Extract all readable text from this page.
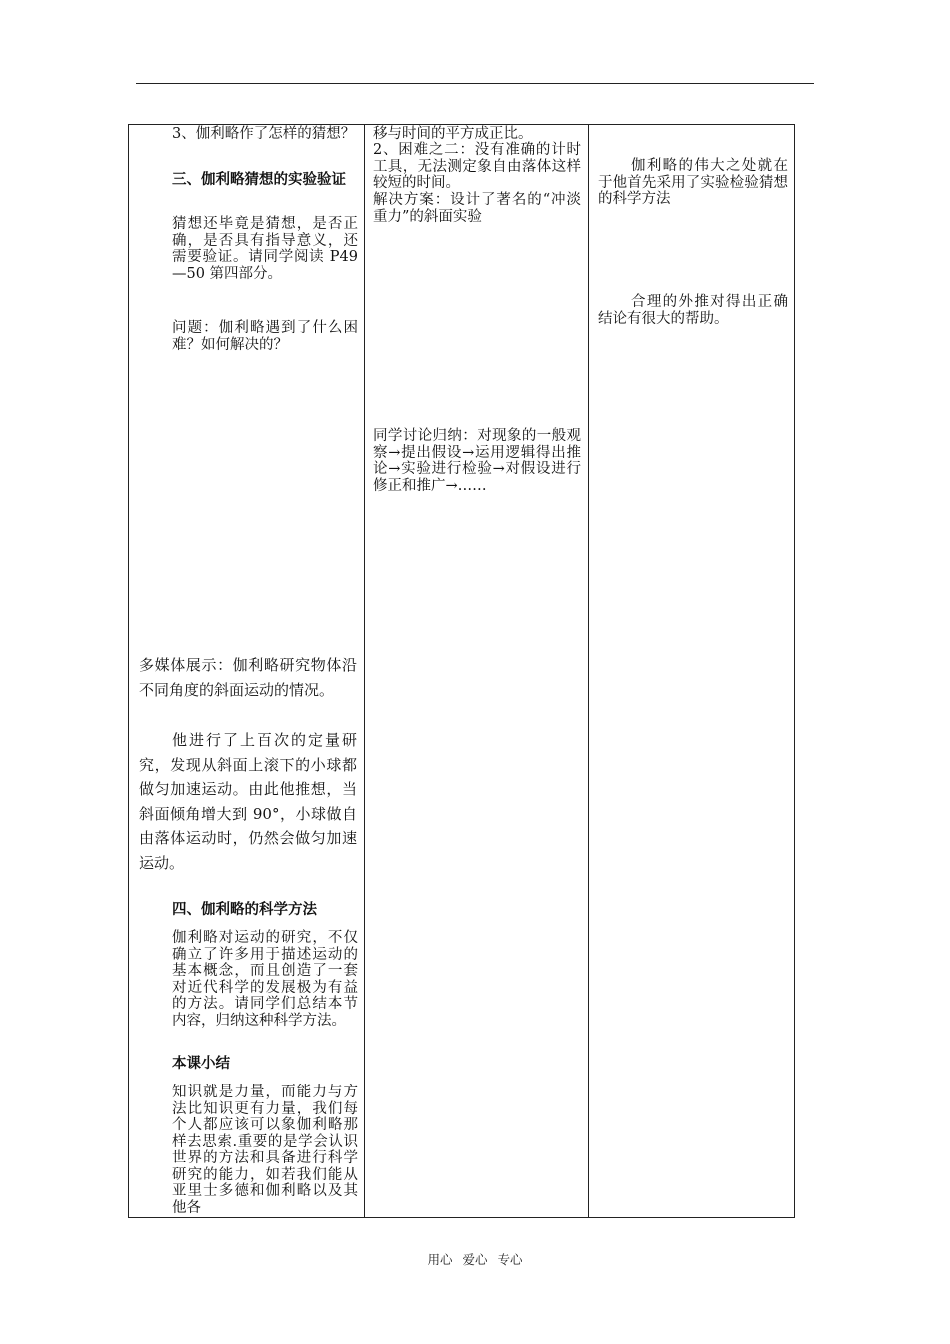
3、伽利略作了怎样的猜想？
三、伽利略猜想的实验验证
猜想还毕竟是猜想，是否正确，是否具有指导意义，还需要验证。请同学阅读 P49—50 第四部分。
问题：伽利略遇到了什么困难？如何解决的？
多媒体展示：伽利略研究物体沿不同角度的斜面运动的情况。
他进行了上百次的定量研究，发现从斜面上滚下的小球都做匀加速运动。由此他推想，当斜面倾角增大到 90°，小球做自由落体运动时，仍然会做匀加速运动。
四、伽利略的科学方法
伽利略对运动的研究，不仅确立了许多用于描述运动的基本概念，而且创造了一套对近代科学的发展极为有益的方法。请同学们总结本节内容，归纳这种科学方法。
本课小结
知识就是力量，而能力与方法比知识更有力量，我们每个人都应该可以象伽利略那样去思索.重要的是学会认识世界的方法和具备进行科学研究的能力，如若我们能从亚里士多德和伽利略以及其他各
移与时间的平方成正比。
2、困难之二：没有准确的计时工具，无法测定象自由落体这样较短的时间。
解决方案：设计了著名的“冲淡重力”的斜面实验
同学讨论归纳：对现象的一般观察→提出假设→运用逻辑得出推论→实验进行检验→对假设进行修正和推广→……
伽利略的伟大之处就在于他首先采用了实验检验猜想的科学方法
合理的外推对得出正确结论有很大的帮助。
用心 爱心 专心
